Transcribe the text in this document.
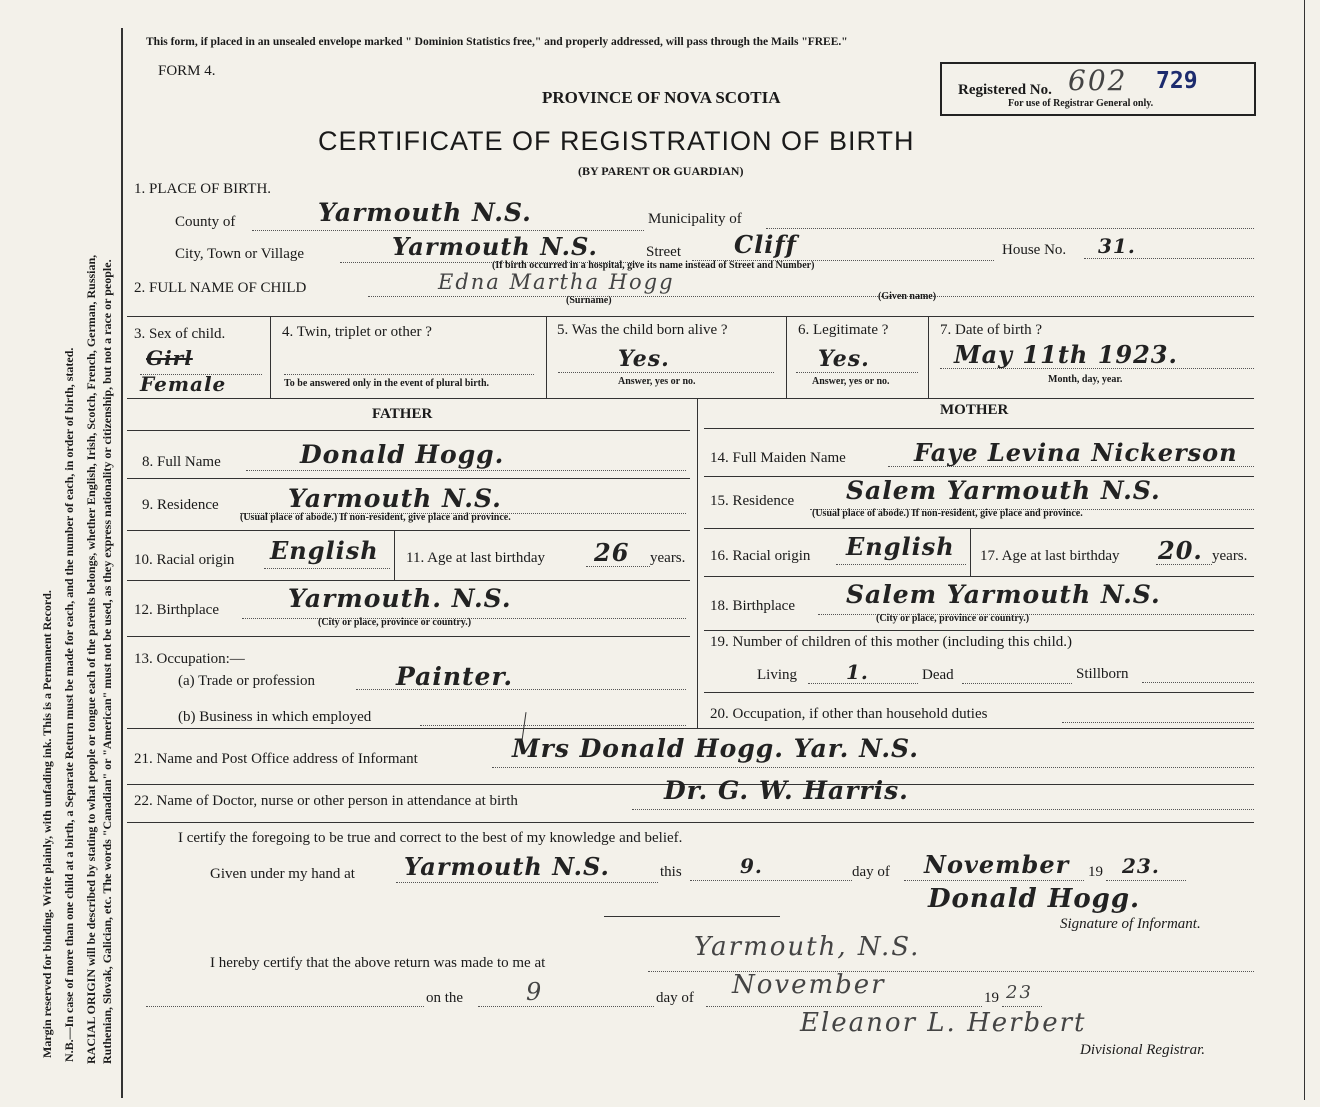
Margin reserved for binding. Write plainly, with unfading ink. This is a Permanent Record. N.B.—In case of more than one child at a birth, a Separate Return must be made for each, and the number of each, in order of birth, stated. RACIAL ORIGIN will be described by stating to what people or tongue each of the parents belongs, whether English, Irish, Scotch, French, German, Russian, Ruthenian, Slovak, Galician, etc. The words "Canadian" or "American" must not be used, as they express nationality or citizenship, but not a race or people.
This form, if placed in an unsealed envelope marked " Dominion Statistics free," and properly addressed, will pass through the Mails "FREE."
FORM 4.
PROVINCE OF NOVA SCOTIA
CERTIFICATE OF REGISTRATION OF BIRTH
(BY PARENT OR GUARDIAN)
Registered No. 602 729
For use of Registrar General only.
1. PLACE OF BIRTH.
County of	Yarmouth N.S.	Municipality of
City, Town or Village	Yarmouth N.S.	Street Cliff	House No. 31.
(If birth occurred in a hospital, give its name instead of Street and Number)
2. FULL NAME OF CHILD	Edna Martha Hogg
(Surname)	(Given name)
3. Sex of child.
Girl
Female
4. Twin, triplet or other ?
To be answered only in the event of plural birth.
5. Was the child born alive ?
Yes.
Answer, yes or no.
6. Legitimate ?
Yes.
Answer, yes or no.
7. Date of birth ?
May 11th 1923.
Month, day, year.
FATHER
8. Full Name	Donald Hogg.
9. Residence	Yarmouth N.S.
(Usual place of abode.) If non-resident, give place and province.
10. Racial origin English 11. Age at last birthday 26 years.
12. Birthplace	Yarmouth. N.S.
(City or place, province or country.)
13. Occupation:—
(a) Trade or profession	Painter.
(b) Business in which employed
MOTHER
14. Full Maiden Name	Faye Levina Nickerson
15. Residence Salem Yarmouth N.S.
(Usual place of abode.) If non-resident, give place and province.
16. Racial origin English 17. Age at last birthday 20. years.
18. Birthplace Salem Yarmouth N.S.
(City or place, province or country.)
19. Number of children of this mother (including this child.)
Living 1.	Dead	Stillborn
20. Occupation, if other than household duties
21. Name and Post Office address of Informant	Mrs Donald Hogg. Yar. N.S.
22. Name of Doctor, nurse or other person in attendance at birth	Dr. G. W. Harris.
I certify the foregoing to be true and correct to the best of my knowledge and belief.
Given under my hand at Yarmouth N.S.	this	9.	day of November 19 23.
Donald Hogg.
Signature of Informant.
I hereby certify that the above return was made to me at
Yarmouth, N.S.
on the	9	day of November	19 23
Eleanor L. Herbert
Divisional Registrar.
